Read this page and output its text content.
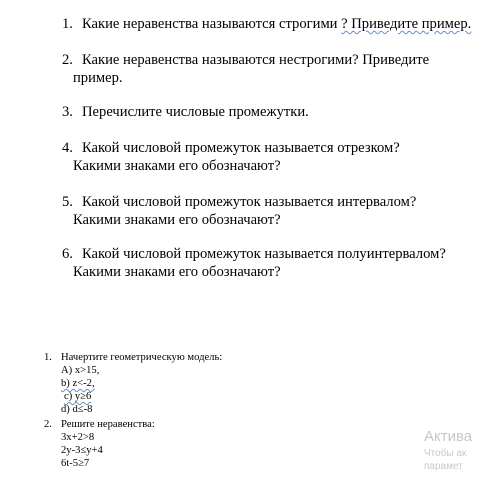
1. Какие неравенства называются строгими ? Приведите пример.
2. Какие неравенства называются нестрогими? Приведите
пример.
3. Перечислите числовые промежутки.
4. Какой числовой промежуток называется отрезком?
Какими знаками его обозначают?
5. Какой числовой промежуток называется интервалом?
Какими знаками его обозначают?
6. Какой числовой промежуток называется полуинтервалом?
Какими знаками его обозначают?
1. Начертите геометрическую модель:
А) х>15,
b) z<-2,
c) y≥6
d) d≤-8
2. Решите неравенства:
3х+2>8
2у-3≤у+4
6t-5≥7
Актива
Чтобы ак
парамет
